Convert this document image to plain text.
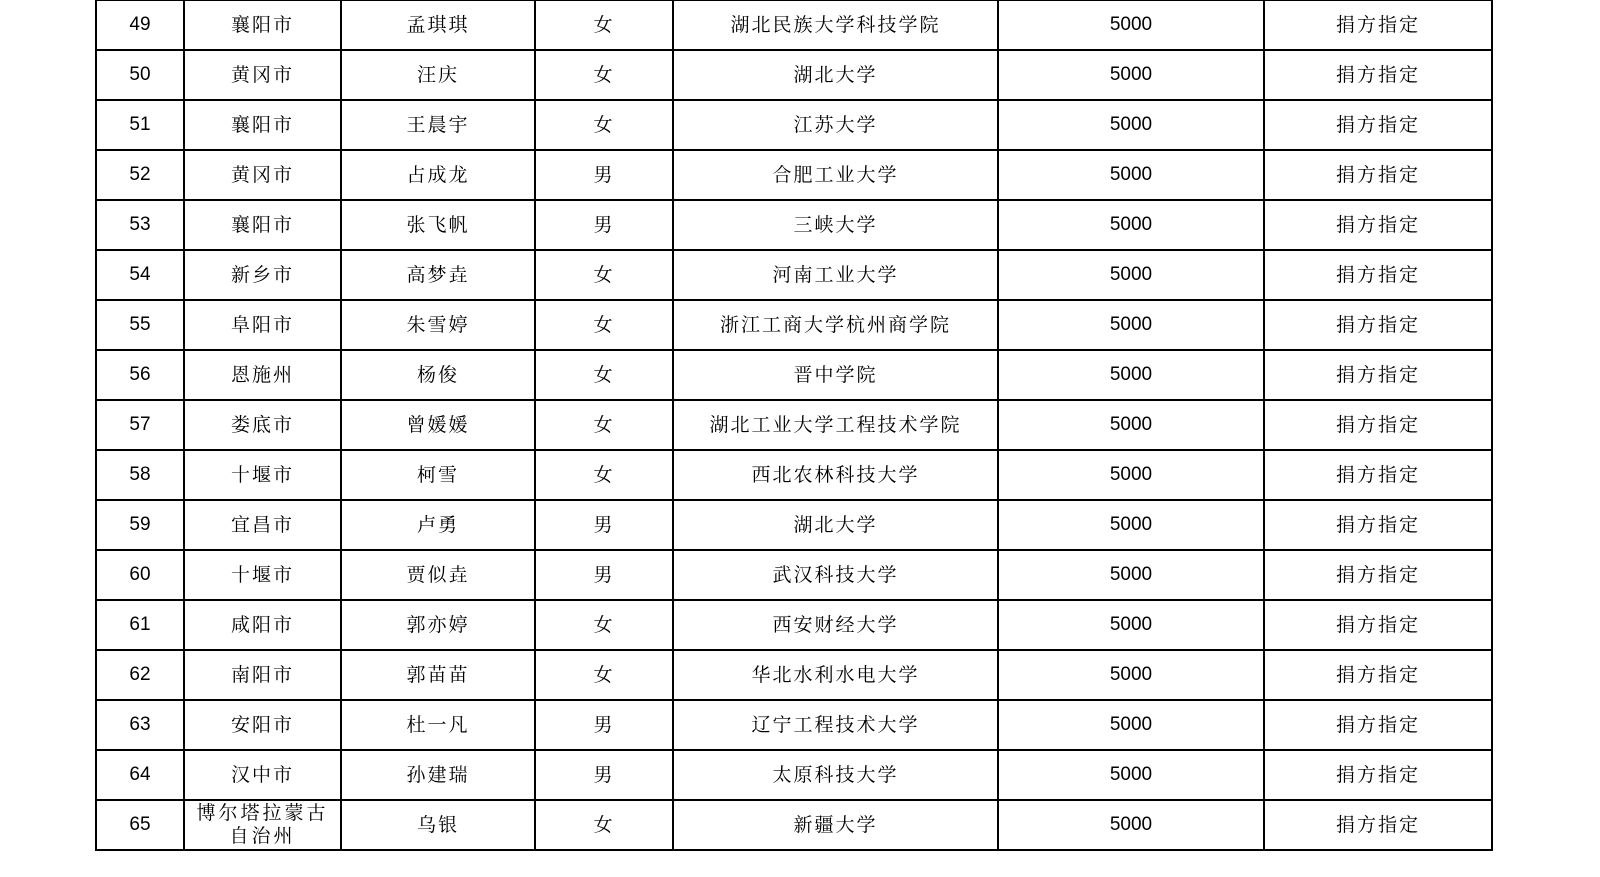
49	襄阳市	孟琪琪	女	湖北民族大学科技学院	5000	捐方指定
50	黄冈市	汪庆	女	湖北大学	5000	捐方指定
51	襄阳市	王晨宇	女	江苏大学	5000	捐方指定
52	黄冈市	占成龙	男	合肥工业大学	5000	捐方指定
53	襄阳市	张飞帆	男	三峡大学	5000	捐方指定
54	新乡市	高梦垚	女	河南工业大学	5000	捐方指定
55	阜阳市	朱雪婷	女	浙江工商大学杭州商学院	5000	捐方指定
56	恩施州	杨俊	女	晋中学院	5000	捐方指定
57	娄底市	曾媛媛	女	湖北工业大学工程技术学院	5000	捐方指定
58	十堰市	柯雪	女	西北农林科技大学	5000	捐方指定
59	宜昌市	卢勇	男	湖北大学	5000	捐方指定
60	十堰市	贾似垚	男	武汉科技大学	5000	捐方指定
61	咸阳市	郭亦婷	女	西安财经大学	5000	捐方指定
62	南阳市	郭苗苗	女	华北水利水电大学	5000	捐方指定
63	安阳市	杜一凡	男	辽宁工程技术大学	5000	捐方指定
64	汉中市	孙建瑞	男	太原科技大学	5000	捐方指定
65	博尔塔拉蒙古自治州	乌银	女	新疆大学	5000	捐方指定
